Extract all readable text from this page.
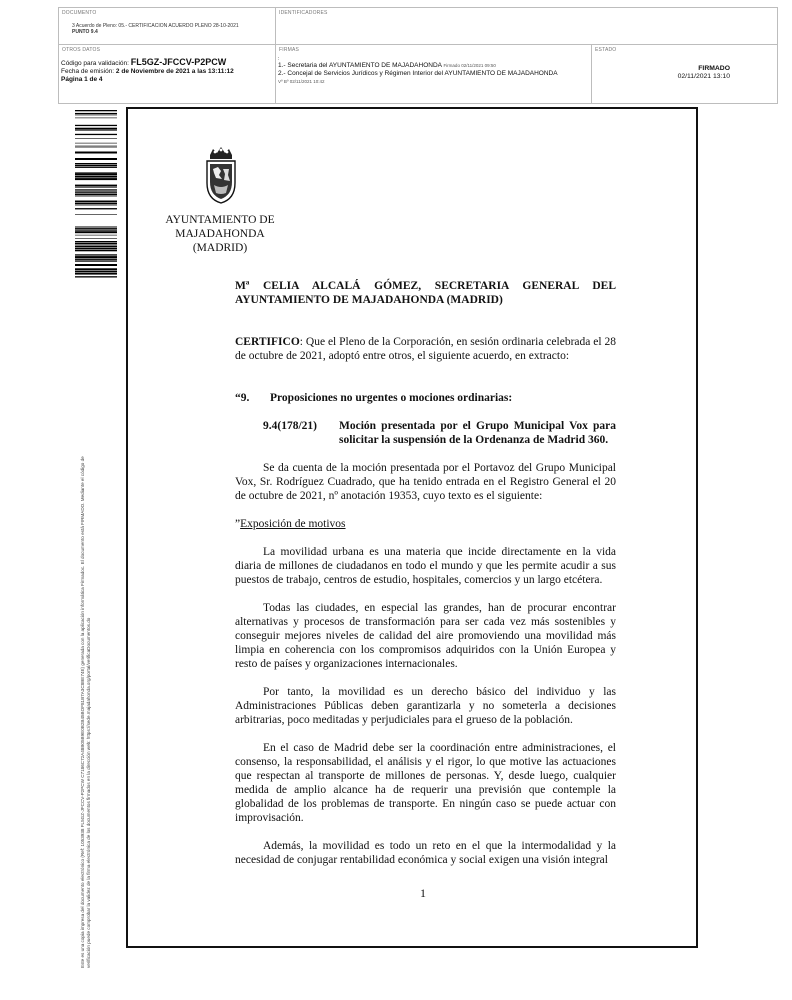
DOCUMENTO
3 Acuerdo de Pleno: 05.- CERTIFICACION ACUERDO PLENO 28-10-2021
PUNTO 9.4
IDENTIFICADORES
OTROS DATOS
Código para validación: FL5GZ-JFCCV-P2PCW
Fecha de emisión: 2 de Noviembre de 2021 a las 13:11:12
Página 1 de 4
FIRMAS
:
1.- Secretaria del AYUNTAMIENTO DE MAJADAHONDA Firmado 02/11/2021 09:50
2.- Concejal de Servicios Jurídicos y Régimen Interior del AYUNTAMIENTO DE MAJADAHONDA
Vº Bº 02/11/2021 10:42
ESTADO
FIRMADO
02/11/2021 13:10
Este es una copia impresa del documento electrónico (Ref: 1053938 FL5GZ-JFCCV-P2PCW C7186C72A48B05B9E0B2B45BOF81B7A3C8BE74E) generada con la aplicación informática Firmadoc. El documento está FIRMADO. Mediante el código de verificación puede comprobar la validez de la firma electrónica de los documentos firmados en la dirección web: https://sede.majadahonda.org/portal/verificaDocumentos.do
AYUNTAMIENTO DE
MAJADAHONDA
(MADRID)

Mª CELIA ALCALÁ GÓMEZ, SECRETARIA GENERAL DEL AYUNTAMIENTO DE MAJADAHONDA (MADRID)

CERTIFICO: Que el Pleno de la Corporación, en sesión ordinaria celebrada el 28 de octubre de 2021, adoptó entre otros, el siguiente acuerdo, en extracto:

“9.	Proposiciones no urgentes o mociones ordinarias:
9.4(178/21)	Moción presentada por el Grupo Municipal Vox para solicitar la suspensión de la Ordenanza de Madrid 360.

Se da cuenta de la moción presentada por el Portavoz del Grupo Municipal Vox, Sr. Rodríguez Cuadrado, que ha tenido entrada en el Registro General el 20 de octubre de 2021, nº anotación 19353, cuyo texto es el siguiente:

”Exposición de motivos

La movilidad urbana es una materia que incide directamente en la vida diaria de millones de ciudadanos en todo el mundo y que les permite acudir a sus puestos de trabajo, centros de estudio, hospitales, comercios y un largo etcétera.

Todas las ciudades, en especial las grandes, han de procurar encontrar alternativas y procesos de transformación para ser cada vez más sostenibles y conseguir mejores niveles de calidad del aire promoviendo una movilidad más limpia en coherencia con los compromisos adquiridos con la Unión Europea y resto de países y organizaciones internacionales.

Por tanto, la movilidad es un derecho básico del individuo y las Administraciones Públicas deben garantizarla y no someterla a decisiones arbitrarias, poco meditadas y perjudiciales para el grueso de la población.

En el caso de Madrid debe ser la coordinación entre administraciones, el consenso, la responsabilidad, el análisis y el rigor, lo que motive las actuaciones que respectan al transporte de millones de personas. Y, desde luego, cualquier medida de amplio alcance ha de requerir una previsión que contemple la globalidad de los problemas de transporte. En ningún caso se puede actuar con improvisación.

Además, la movilidad es todo un reto en el que la intermodalidad y la necesidad de conjugar rentabilidad económica y social exigen una visión integral

1
